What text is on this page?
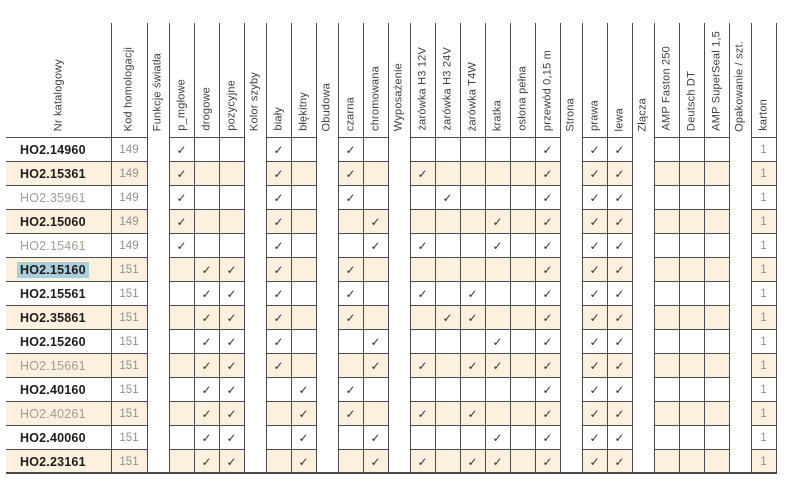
Nr katalogowy	Kod homologacji	Funkcje światła	p_mgłowe	drogowe	pozycyjne	Kolor szyby	biały	błękitny	Obudowa	czarna	chromowana	Wyposażenie	żarówka H3 12V	żarówka H3 24V	żarówka T4W	kratka	osłona pełna	przewód 0,15 m	Strona	prawa	lewa	Złącza	AMP Faston 250	Deutsch DT	AMP SuperSeal 1,5	Opakowanie / szt.	karton

HO2.14960	149		✓				✓			✓								✓		✓	✓						1
HO2.15361	149		✓				✓			✓			✓					✓		✓	✓						1
HO2.35961	149		✓				✓			✓				✓				✓		✓	✓						1
HO2.15060	149		✓				✓				✓					✓		✓		✓	✓						1
HO2.15461	149		✓				✓				✓		✓			✓		✓		✓	✓						1
HO2.15160	151			✓	✓		✓			✓								✓		✓	✓						1
HO2.15561	151			✓	✓		✓			✓			✓		✓			✓		✓	✓						1
HO2.35861	151			✓	✓		✓			✓				✓	✓			✓		✓	✓						1
HO2.15260	151			✓	✓		✓				✓					✓		✓		✓	✓						1
HO2.15661	151			✓	✓		✓				✓		✓		✓	✓		✓		✓	✓						1
HO2.40160	151			✓	✓			✓		✓								✓		✓	✓						1
HO2.40261	151			✓	✓			✓		✓			✓		✓			✓		✓	✓						1
HO2.40060	151			✓	✓			✓			✓					✓		✓		✓	✓						1
HO2.23161	151			✓	✓			✓			✓		✓		✓	✓		✓		✓	✓						1
